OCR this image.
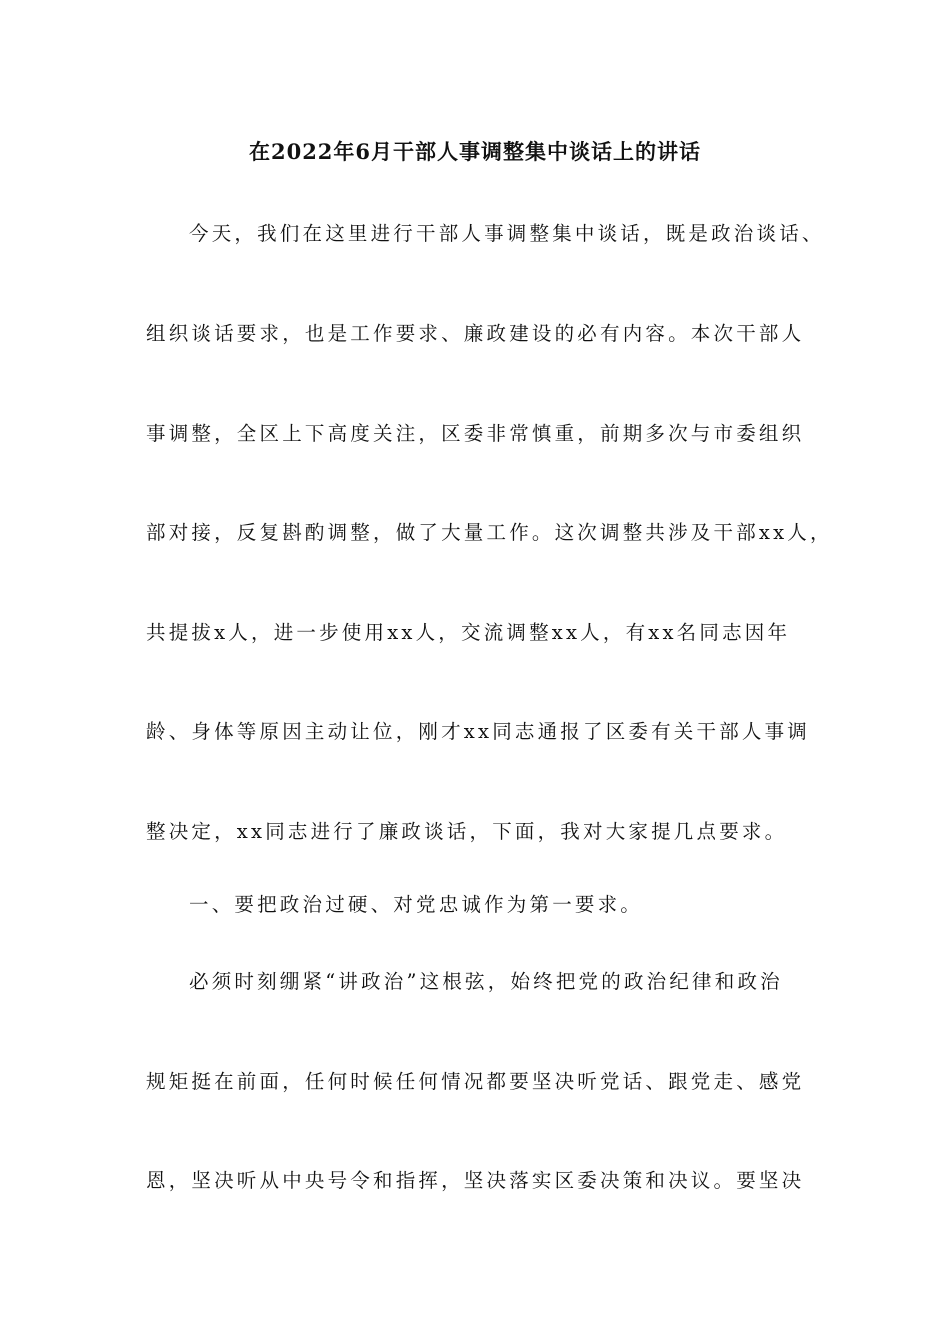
在2022年6月干部人事调整集中谈话上的讲话
今天，我们在这里进行干部人事调整集中谈话，既是政治谈话、
组织谈话要求，也是工作要求、廉政建设的必有内容。本次干部人
事调整，全区上下高度关注，区委非常慎重，前期多次与市委组织
部对接，反复斟酌调整，做了大量工作。这次调整共涉及干部xx人，
共提拔x人，进一步使用xx人，交流调整xx人，有xx名同志因年
龄、身体等原因主动让位，刚才xx同志通报了区委有关干部人事调
整决定，xx同志进行了廉政谈话，下面，我对大家提几点要求。
一、要把政治过硬、对党忠诚作为第一要求。
必须时刻绷紧“讲政治”这根弦，始终把党的政治纪律和政治
规矩挺在前面，任何时候任何情况都要坚决听党话、跟党走、感党
恩，坚决听从中央号令和指挥，坚决落实区委决策和决议。要坚决
